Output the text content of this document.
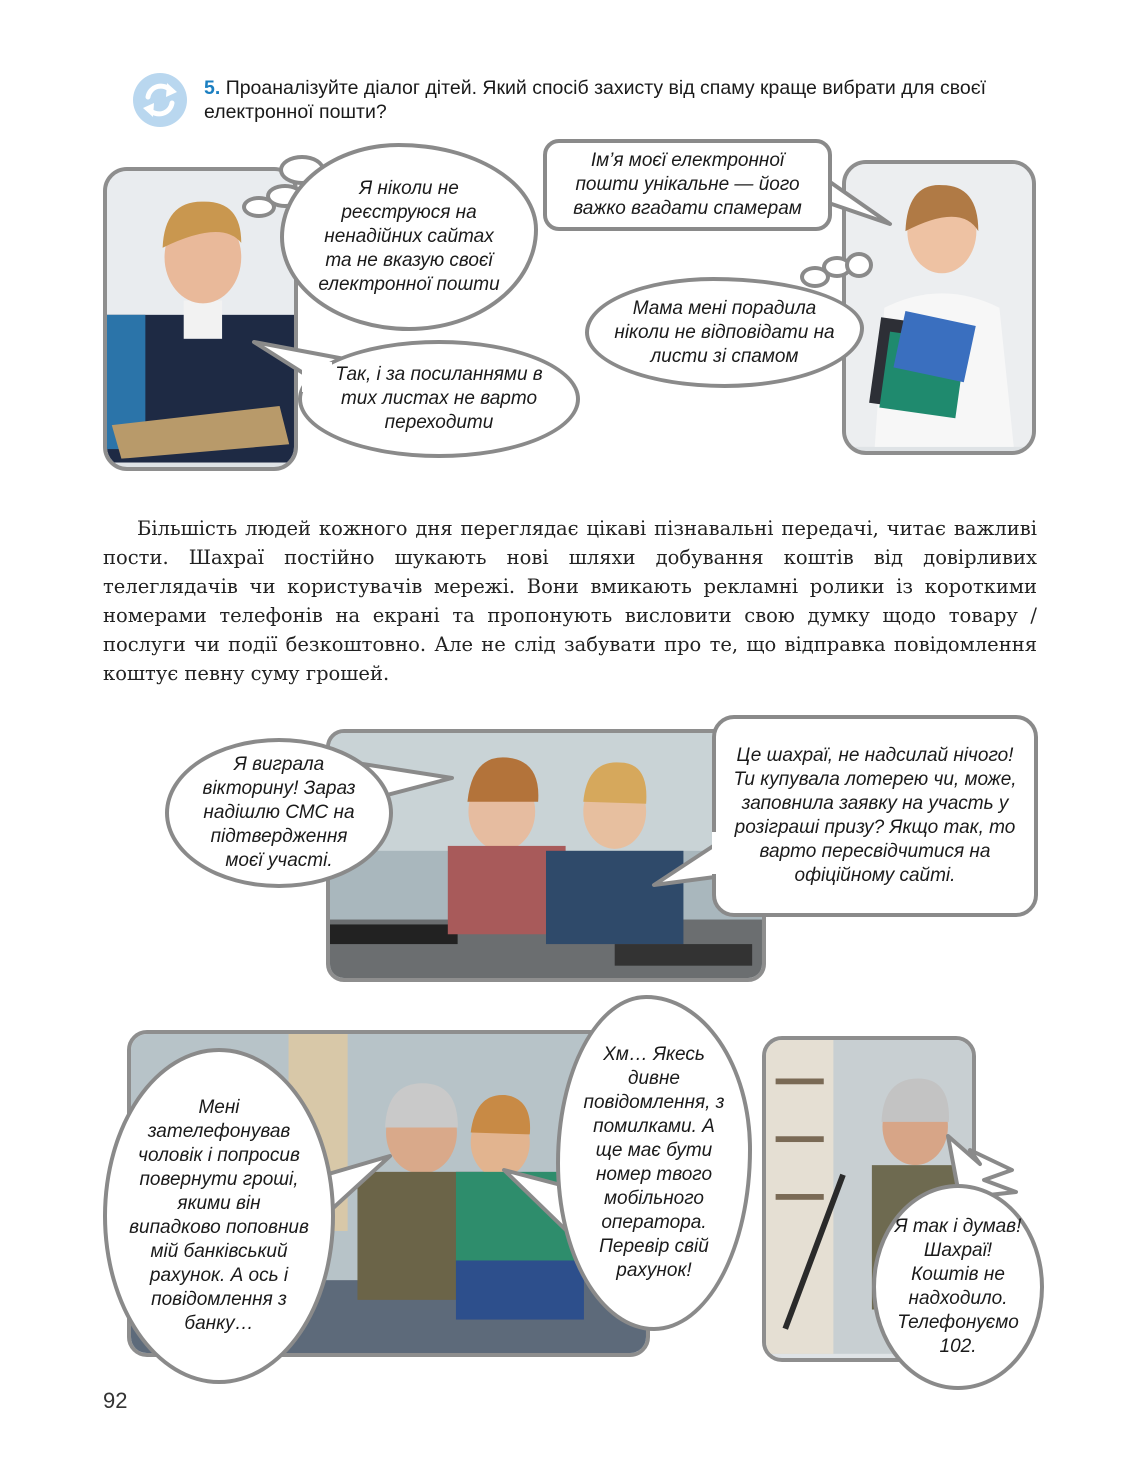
5. Проаналізуйте діалог дітей. Який спосіб захисту від спаму краще вибрати для своєї електронної пошти?
Я ніколи не реєструюся на ненадійних сайтах та не вказую своєї електронної пошти
Так, і за посиланнями в тих листах не варто переходити
Ім’я моєї електронної пошти унікальне — його важко вгадати спамерам
Мама мені порадила ніколи не відповідати на листи зі спамом
Більшість людей кожного дня переглядає цікаві пізнавальні передачі, читає важливі пости. Шахраї постійно шукають нові шляхи добування коштів від довірливих телеглядачів чи користувачів мережі. Вони вмикають рекламні ролики із короткими номерами телефонів на екрані та пропонують висловити свою думку щодо товару / послуги чи події безкоштовно. Але не слід забувати про те, що відправка повідомлення коштує певну суму грошей.
Я виграла вікторину! Зараз надішлю СМС на підтвердження моєї участі.
Це шахраї, не надсилай нічого! Ти купувала лотерею чи, може, заповнила заявку на участь у розіграші призу? Якщо так, то варто пересвідчитися на офіційному сайті.
Мені зателефонував чоловік і попросив повернути гроші, якими він випадково поповнив мій банківський рахунок. А ось і повідомлення з банку…
Хм… Якесь дивне повідомлення, з помилками. А ще має бути номер твого мобільного оператора. Перевір свій рахунок!
Я так і думав! Шахраї! Коштів не надходило. Телефонуємо 102.
92
